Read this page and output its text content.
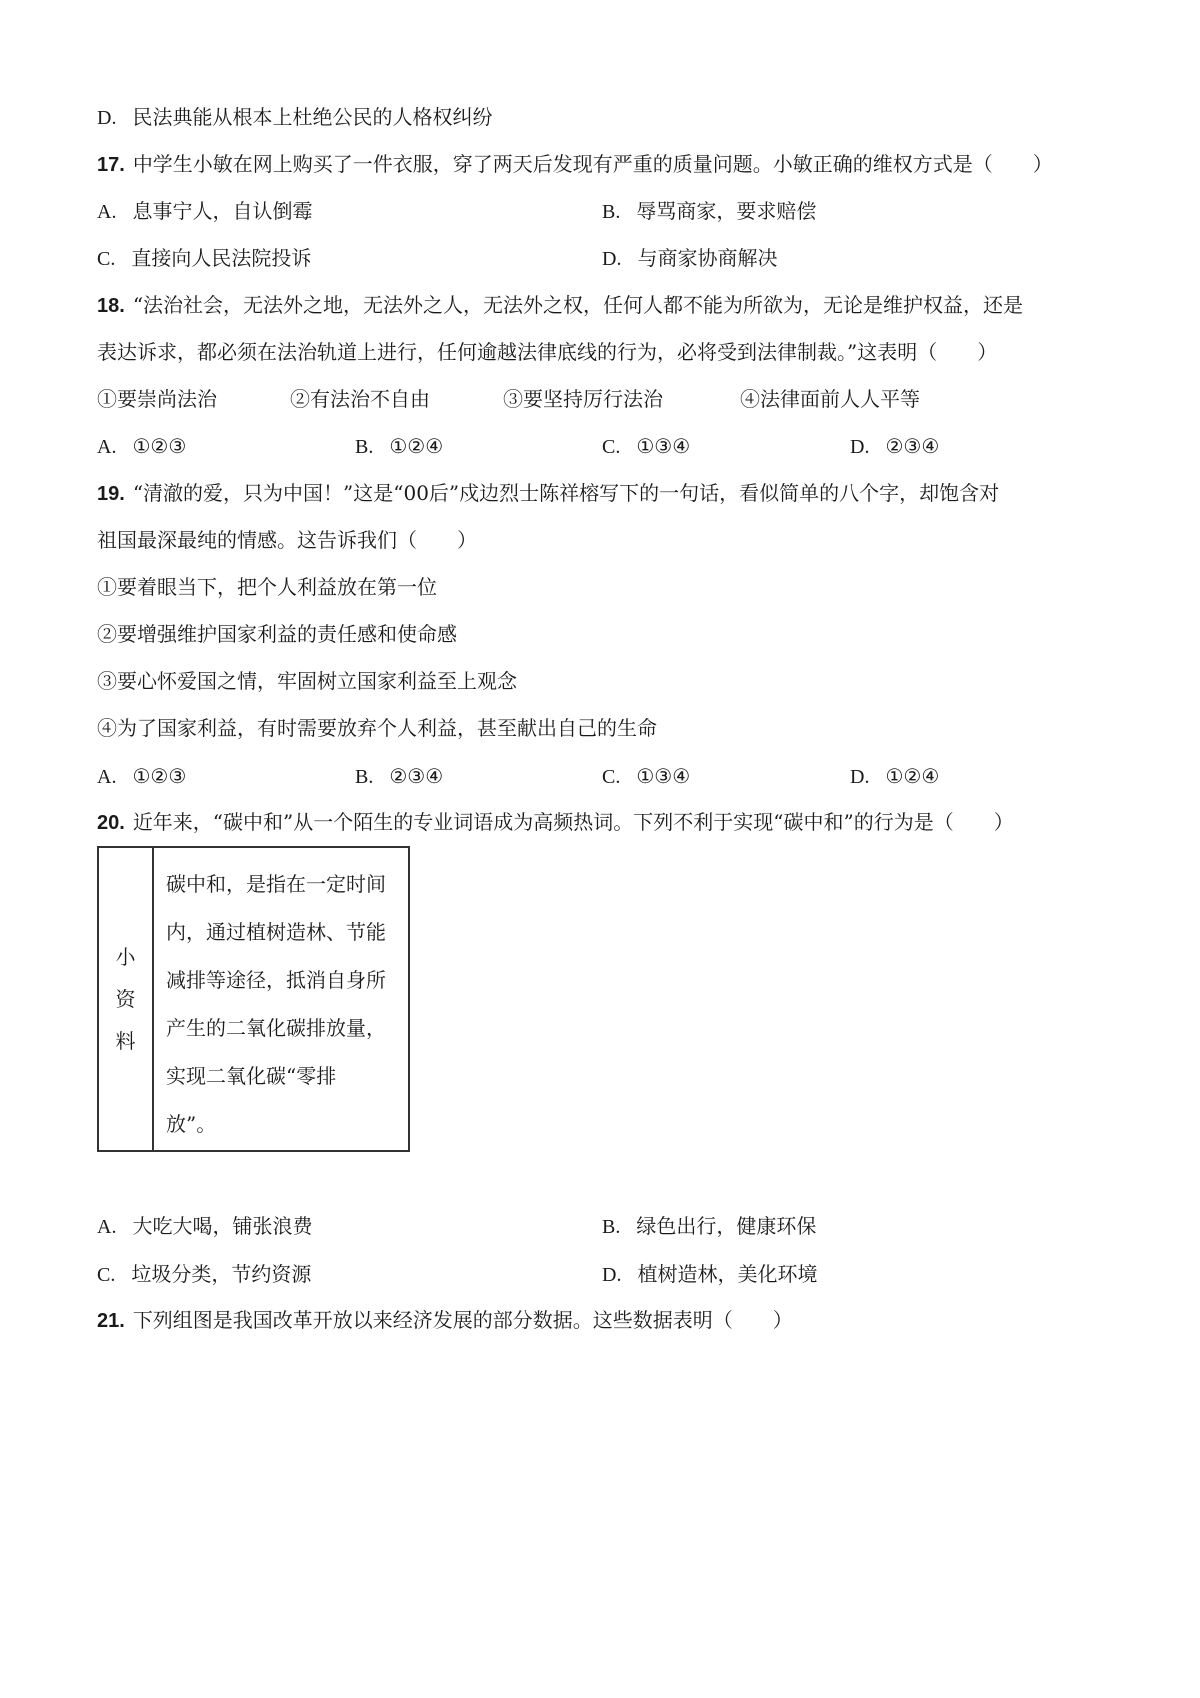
D. 民法典能从根本上杜绝公民的人格权纠纷
17. 中学生小敏在网上购买了一件衣服，穿了两天后发现有严重的质量问题。小敏正确的维权方式是（　　）
A. 息事宁人，自认倒霉	B. 辱骂商家，要求赔偿
C. 直接向人民法院投诉	D. 与商家协商解决
18. “法治社会，无法外之地，无法外之人，无法外之权，任何人都不能为所欲为，无论是维护权益，还是
表达诉求，都必须在法治轨道上进行，任何逾越法律底线的行为，必将受到法律制裁。”这表明（　　）
①要崇尚法治	②有法治不自由	③要坚持厉行法治	④法律面前人人平等
A. ①②③	B. ①②④	C. ①③④	D. ②③④
19. “清澈的爱，只为中国！”这是“00后”戍边烈士陈祥榕写下的一句话，看似简单的八个字，却饱含对
祖国最深最纯的情感。这告诉我们（　　）
①要着眼当下，把个人利益放在第一位
②要增强维护国家利益的责任感和使命感
③要心怀爱国之情，牢固树立国家利益至上观念
④为了国家利益，有时需要放弃个人利益，甚至献出自己的生命
A. ①②③	B. ②③④	C. ①③④	D. ①②④
20. 近年来，“碳中和”从一个陌生的专业词语成为高频热词。下列不利于实现“碳中和”的行为是（　　）
小
资
料
碳中和，是指在一定时间
内，通过植树造林、节能
减排等途径，抵消自身所
产生的二氧化碳排放量，
实现二氧化碳“零排
放”。
A. 大吃大喝，铺张浪费	B. 绿色出行，健康环保
C. 垃圾分类，节约资源	D. 植树造林，美化环境
21. 下列组图是我国改革开放以来经济发展的部分数据。这些数据表明（　　）
